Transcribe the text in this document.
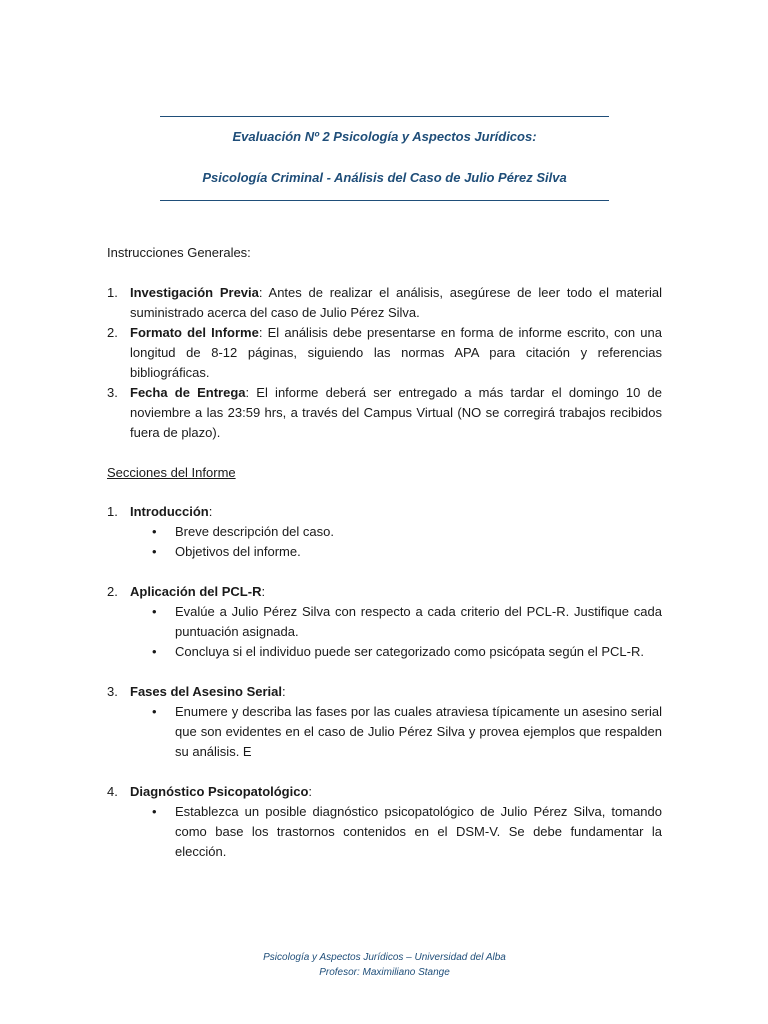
Evaluación Nº 2 Psicología y Aspectos Jurídicos:
Psicología Criminal - Análisis del Caso de Julio Pérez Silva
Instrucciones Generales:
1. Investigación Previa: Antes de realizar el análisis, asegúrese de leer todo el material suministrado acerca del caso de Julio Pérez Silva.
2. Formato del Informe: El análisis debe presentarse en forma de informe escrito, con una longitud de 8-12 páginas, siguiendo las normas APA para citación y referencias bibliográficas.
3. Fecha de Entrega: El informe deberá ser entregado a más tardar el domingo 10 de noviembre a las 23:59 hrs, a través del Campus Virtual (NO se corregirá trabajos recibidos fuera de plazo).
Secciones del Informe
1. Introducción:
• Breve descripción del caso.
• Objetivos del informe.
2. Aplicación del PCL-R:
• Evalúe a Julio Pérez Silva con respecto a cada criterio del PCL-R. Justifique cada puntuación asignada.
• Concluya si el individuo puede ser categorizado como psicópata según el PCL-R.
3. Fases del Asesino Serial:
• Enumere y describa las fases por las cuales atraviesa típicamente un asesino serial que son evidentes en el caso de Julio Pérez Silva y provea ejemplos que respalden su análisis. E
4. Diagnóstico Psicopatológico:
• Establezca un posible diagnóstico psicopatológico de Julio Pérez Silva, tomando como base los trastornos contenidos en el DSM-V. Se debe fundamentar la elección.
Psicología y Aspectos Jurídicos – Universidad del Alba
Profesor: Maximiliano Stange
